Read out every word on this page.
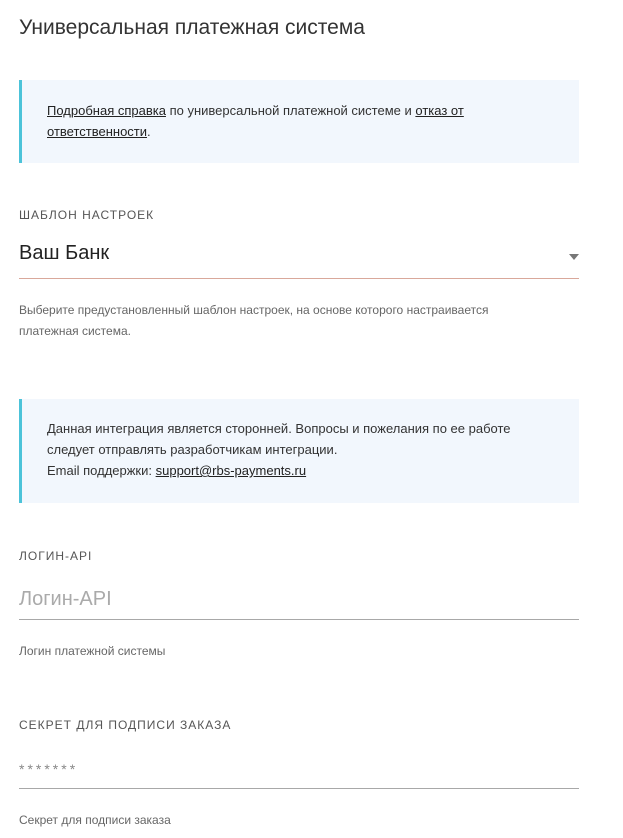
Универсальная платежная система
Подробная справка по универсальной платежной системе и отказ от ответственности.
ШАБЛОН НАСТРОЕК
Ваш Банк
Выберите предустановленный шаблон настроек, на основе которого настраивается платежная система.
Данная интеграция является сторонней. Вопросы и пожелания по ее работе следует отправлять разработчикам интеграции.
Email поддержки: support@rbs-payments.ru
ЛОГИН-API
Логин-API
Логин платежной системы
СЕКРЕТ ДЛЯ ПОДПИСИ ЗАКАЗА
Секрет для подписи заказа
